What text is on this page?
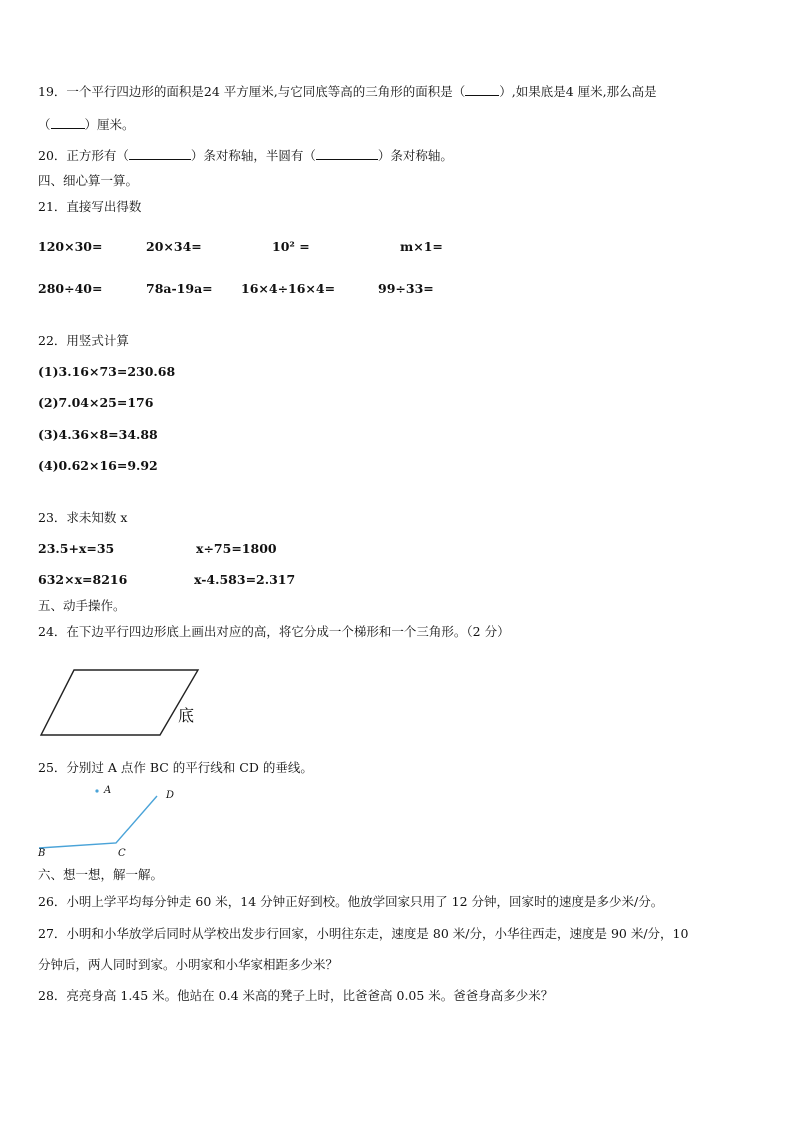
19．一个平行四边形的面积是24 平方厘米,与它同底等高的三角形的面积是（	）,如果底是4 厘米,那么高是
（	）厘米。
20．正方形有（	）条对称轴，半圆有（	）条对称轴。
四、细心算一算。
21．直接写出得数
120×30=	20×34=	10² =	m×1=
280÷40=	78a-19a= 16×4÷16×4=	99÷33=
22．用竖式计算
(1)3.16×73=230.68
(2)7.04×25=176
(3)4.36×8=34.88
(4)0.62×16=9.92
23．求未知数 x
23.5+x=35	x÷75=1800
632×x=8216	x-4.583=2.317
五、动手操作。
24．在下边平行四边形底上画出对应的高，将它分成一个梯形和一个三角形。（2 分）
底
25．分别过 A 点作 BC 的平行线和 CD 的垂线。
A	D
B	C
六、想一想，解一解。
26．小明上学平均每分钟走 60 米，14 分钟正好到校。他放学回家只用了 12 分钟，回家时的速度是多少米/分。
27．小明和小华放学后同时从学校出发步行回家，小明往东走，速度是 80 米/分，小华往西走，速度是 90 米/分，10
分钟后，两人同时到家。小明家和小华家相距多少米？
28．亮亮身高 1.45 米。他站在 0.4 米高的凳子上时，比爸爸高 0.05 米。爸爸身高多少米？
